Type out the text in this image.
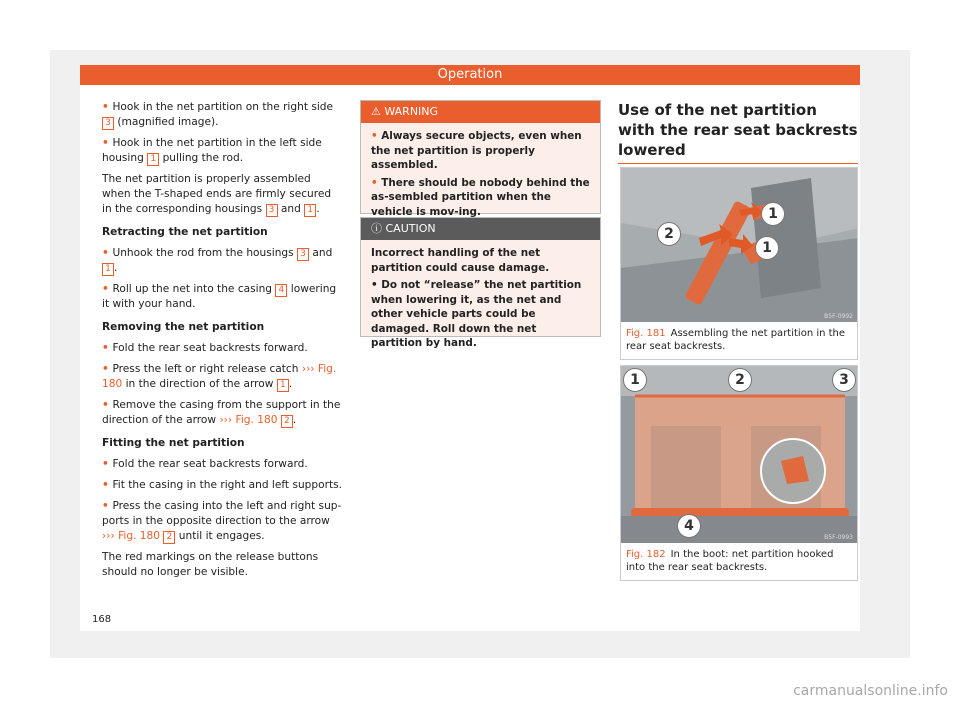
Operation

• Hook in the net partition on the right side 3 (magnified image).

• Hook in the net partition in the left side housing 1 pulling the rod.

The net partition is properly assembled when the T-shaped ends are firmly secured in the corresponding housings 3 and 1 .

Retracting the net partition

• Unhook the rod from the housings 3 and 1 .

• Roll up the net into the casing 4 lowering it with your hand.

Removing the net partition

• Fold the rear seat backrests forward.

• Press the left or right release catch ››› Fig. 180 in the direction of the arrow 1 .

• Remove the casing from the support in the direction of the arrow ››› Fig. 180 2 .

Fitting the net partition

• Fold the rear seat backrests forward.

• Fit the casing in the right and left supports.

• Press the casing into the left and right sup-ports in the opposite direction to the arrow ››› Fig. 180 2 until it engages.

The red markings on the release buttons should no longer be visible.

⚠ WARNING

• Always secure objects, even when the net partition is properly assembled.

• There should be nobody behind the as-sembled partition when the vehicle is mov-ing.

ⓘ CAUTION

Incorrect handling of the net partition could cause damage.

• Do not “release” the net partition when lowering it, as the net and other vehicle parts could be damaged. Roll down the net partition by hand.

Use of the net partition with the rear seat backrests lowered
2
1
1
B5F-0992
Fig. 181 Assembling the net partition in the rear seat backrests.
1	2	3
4
B5F-0993
Fig. 182 In the boot: net partition hooked into the rear seat backrests.
168
carmanualsonline.info
